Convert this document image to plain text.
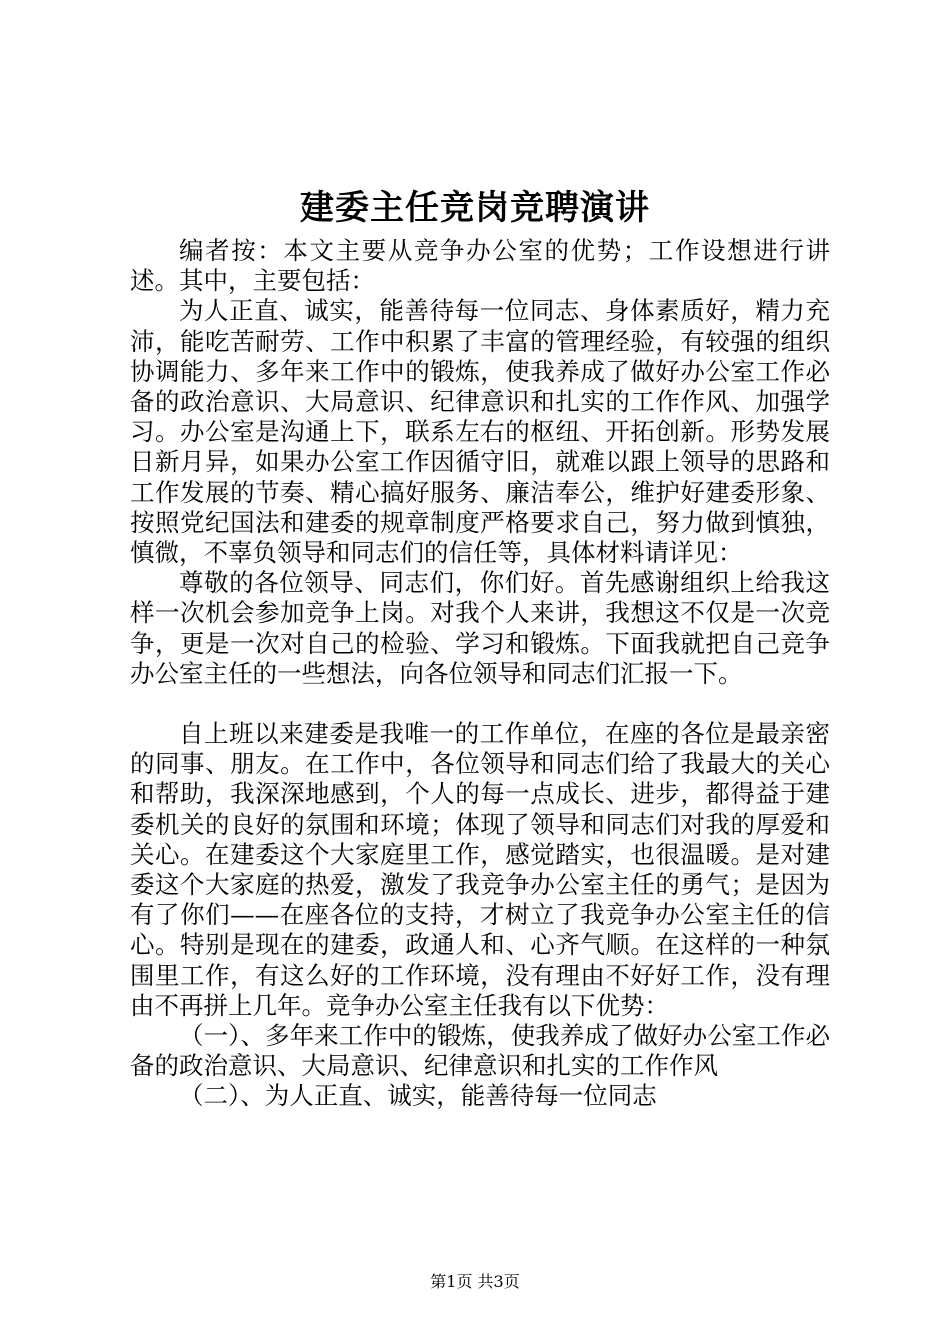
建委主任竞岗竞聘演讲

编者按：本文主要从竞争办公室的优势；工作设想进行讲述。其中，主要包括：

为人正直、诚实，能善待每一位同志、身体素质好，精力充沛，能吃苦耐劳、工作中积累了丰富的管理经验，有较强的组织协调能力、多年来工作中的锻炼，使我养成了做好办公室工作必备的政治意识、大局意识、纪律意识和扎实的工作作风、加强学习。办公室是沟通上下，联系左右的枢纽、开拓创新。形势发展日新月异，如果办公室工作因循守旧，就难以跟上领导的思路和工作发展的节奏、精心搞好服务、廉洁奉公，维护好建委形象、按照党纪国法和建委的规章制度严格要求自己，努力做到慎独，慎微，不辜负领导和同志们的信任等，具体材料请详见：

尊敬的各位领导、同志们，你们好。首先感谢组织上给我这样一次机会参加竞争上岗。对我个人来讲，我想这不仅是一次竞争，更是一次对自己的检验、学习和锻炼。下面我就把自己竞争办公室主任的一些想法，向各位领导和同志们汇报一下。

自上班以来建委是我唯一的工作单位，在座的各位是最亲密的同事、朋友。在工作中，各位领导和同志们给了我最大的关心和帮助，我深深地感到，个人的每一点成长、进步，都得益于建委机关的良好的氛围和环境；体现了领导和同志们对我的厚爱和关心。在建委这个大家庭里工作，感觉踏实，也很温暖。是对建委这个大家庭的热爱，激发了我竞争办公室主任的勇气；是因为有了你们——在座各位的支持，才树立了我竞争办公室主任的信心。特别是现在的建委，政通人和、心齐气顺。在这样的一种氛围里工作，有这么好的工作环境，没有理由不好好工作，没有理由不再拼上几年。竞争办公室主任我有以下优势：

（一）、多年来工作中的锻炼，使我养成了做好办公室工作必备的政治意识、大局意识、纪律意识和扎实的工作作风

（二）、为人正直、诚实，能善待每一位同志

第1页 共3页
